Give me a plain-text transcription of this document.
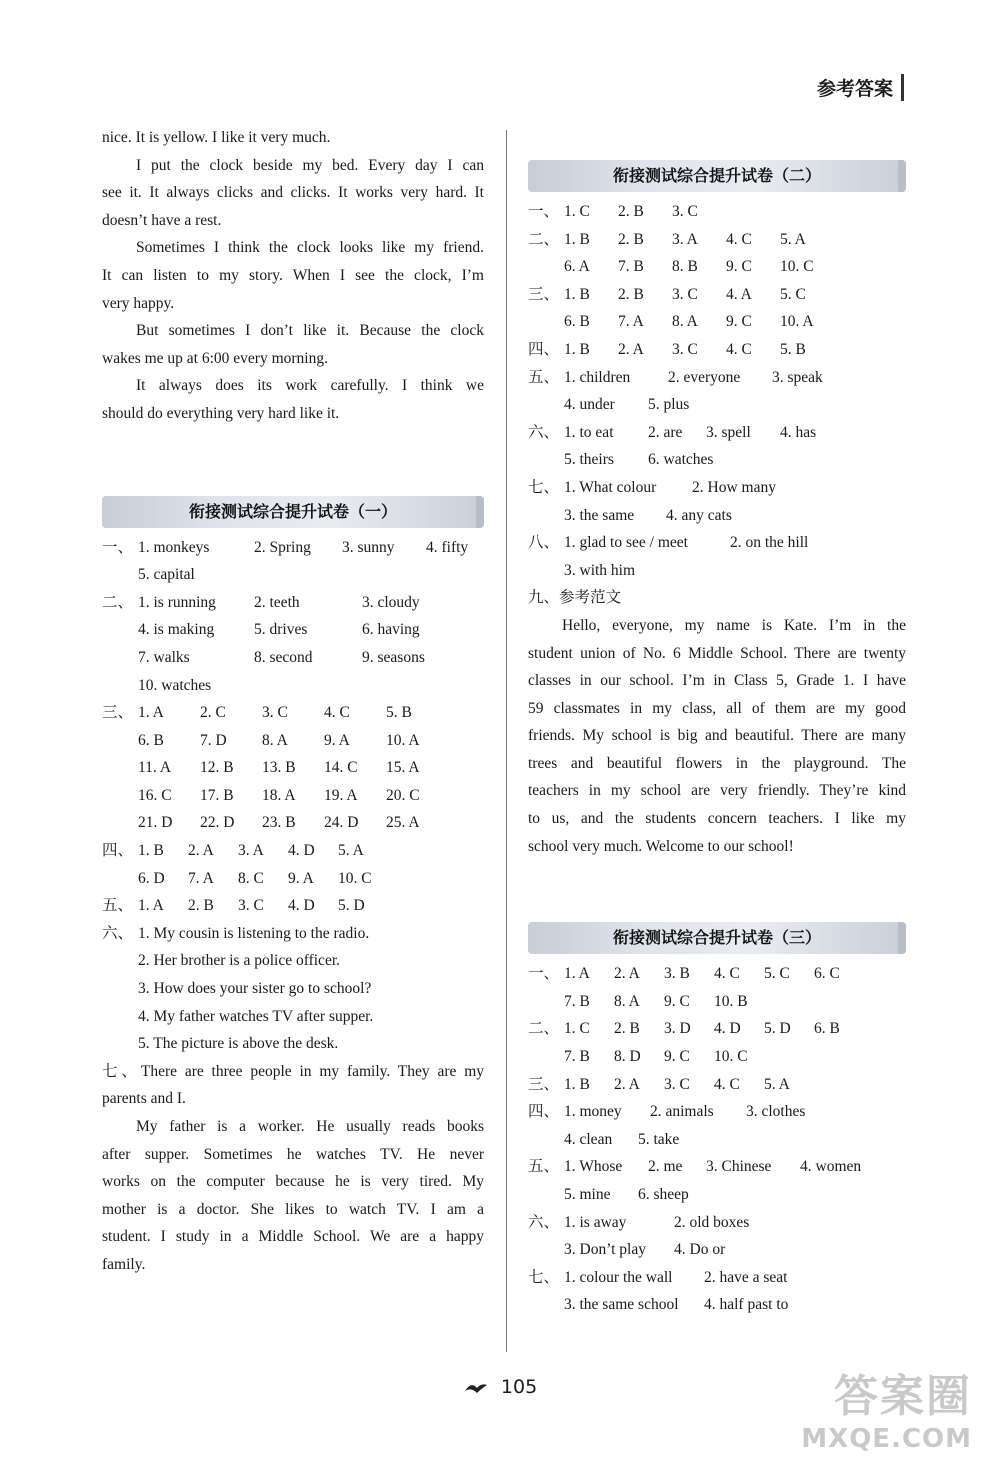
参考答案
nice. It is yellow. I like it very much.
I put the clock beside my bed. Every day I can
see it. It always clicks and clicks. It works very hard. It
doesn’t have a rest.
Sometimes I think the clock looks like my friend.
It can listen to my story. When I see the clock, I’m
very happy.
But sometimes I don’t like it. Because the clock
wakes me up at 6:00 every morning.
It always does its work carefully. I think we
should do everything very hard like it.
衔接测试综合提升试卷（一）
一、 1. monkeys	2. Spring	3. sunny	4. fifty
5. capital
二、 1. is running	2. teeth	3. cloudy
4. is making	5. drives	6. having
7. walks	8. second	9. seasons
10. watches
三、 1. A	2. C	3. C	4. C	5. B
6. B	7. D	8. A	9. A	10. A
11. A	12. B	13. B	14. C	15. A
16. C	17. B	18. A	19. A	20. C
21. D	22. D	23. B	24. D	25. A
四、 1. B	2. A	3. A	4. D	5. A
6. D	7. A	8. C	9. A	10. C
五、 1. A	2. B	3. C	4. D	5. D
六、 1. My cousin is listening to the radio.
2. Her brother is a police officer.
3. How does your sister go to school?
4. My father watches TV after supper.
5. The picture is above the desk.
七、There are three people in my family. They are my
parents and I.
My father is a worker. He usually reads books
after supper. Sometimes he watches TV. He never
works on the computer because he is very tired. My
mother is a doctor. She likes to watch TV. I am a
student. I study in a Middle School. We are a happy
family.
衔接测试综合提升试卷（二）
一、 1. C	2. B	3. C
二、 1. B	2. B	3. A	4. C	5. A
6. A	7. B	8. B	9. C	10. C
三、 1. B	2. B	3. C	4. A	5. C
6. B	7. A	8. A	9. C	10. A
四、 1. B	2. A	3. C	4. C	5. B
五、 1. children	2. everyone	3. speak
4. under	5. plus
六、 1. to eat	2. are	3. spell	4. has
5. theirs	6. watches
七、 1. What colour	2. How many
3. the same	4. any cats
八、 1. glad to see / meet	2. on the hill
3. with him
九、参考范文
Hello, everyone, my name is Kate. I’m in the
student union of No. 6 Middle School. There are twenty
classes in our school. I’m in Class 5, Grade 1. I have
59 classmates in my class, all of them are my good
friends. My school is big and beautiful. There are many
trees and beautiful flowers in the playground. The
teachers in my school are very friendly. They’re kind
to us, and the students concern teachers. I like my
school very much. Welcome to our school!
衔接测试综合提升试卷（三）
一、 1. A	2. A	3. B	4. C	5. C	6. C
7. B	8. A	9. C	10. B
二、 1. C	2. B	3. D	4. D	5. D	6. B
7. B	8. D	9. C	10. C
三、 1. B	2. A	3. C	4. C	5. A
四、 1. money	2. animals	3. clothes
4. clean	5. take
五、 1. Whose	2. me	3. Chinese	4. women
5. mine	6. sheep
六、 1. is away	2. old boxes
3. Don’t play	4. Do or
七、 1. colour the wall	2. have a seat
3. the same school	4. half past to
105	答案圈
MXQE.COM
